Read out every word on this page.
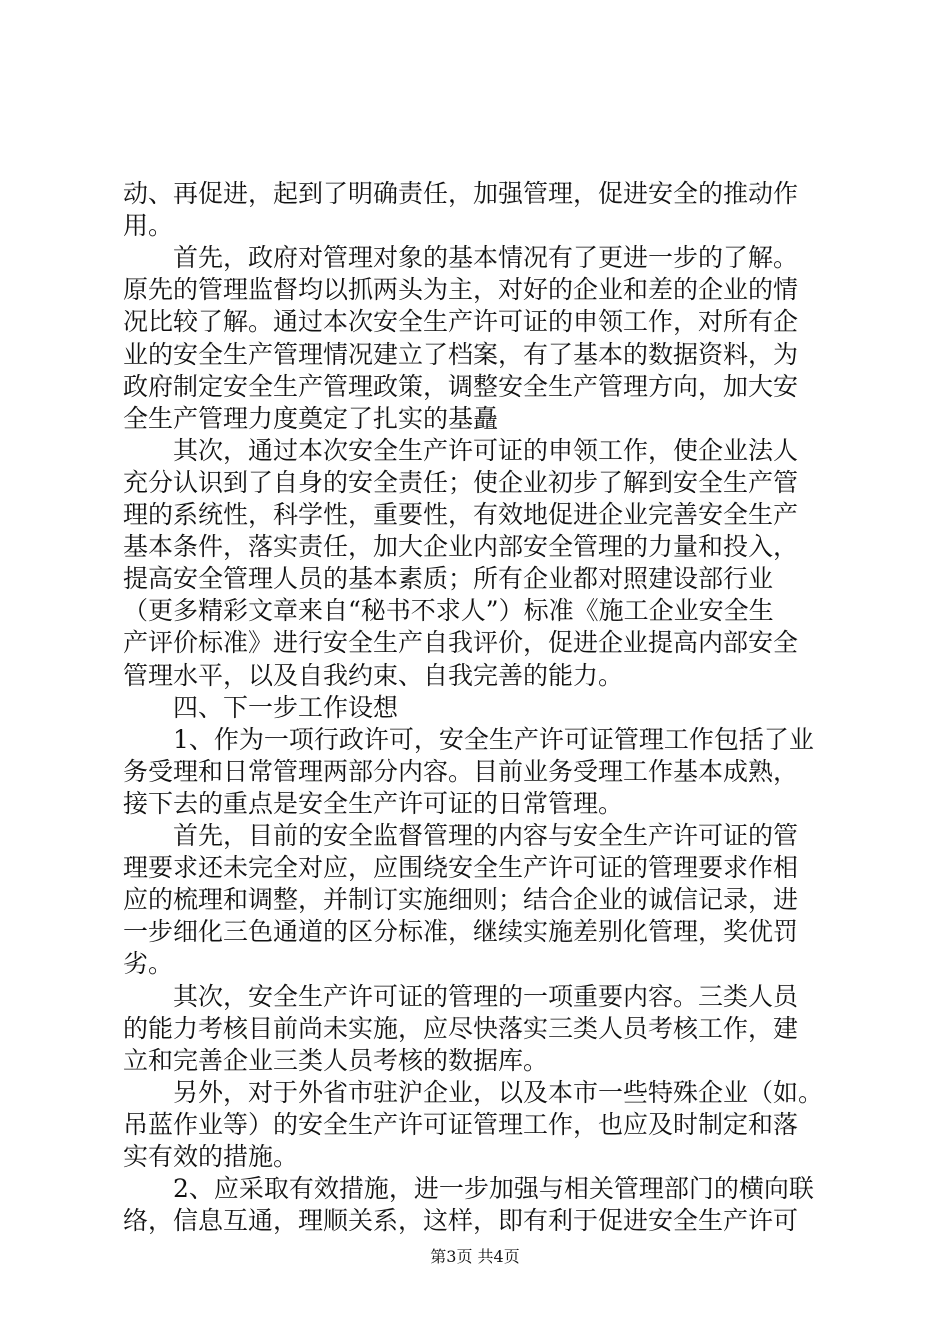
动、再促进，起到了明确责任，加强管理，促进安全的推动作
用。
　　首先，政府对管理对象的基本情况有了更进一步的了解。
原先的管理监督均以抓两头为主，对好的企业和差的企业的情
况比较了解。通过本次安全生产许可证的申领工作，对所有企
业的安全生产管理情况建立了档案，有了基本的数据资料，为
政府制定安全生产管理政策，调整安全生产管理方向，加大安
全生产管理力度奠定了扎实的基矗
　　其次，通过本次安全生产许可证的申领工作，使企业法人
充分认识到了自身的安全责任；使企业初步了解到安全生产管
理的系统性，科学性，重要性，有效地促进企业完善安全生产
基本条件，落实责任，加大企业内部安全管理的力量和投入，
提高安全管理人员的基本素质；所有企业都对照建设部行业
（更多精彩文章来自“秘书不求人”）标准《施工企业安全生
产评价标准》进行安全生产自我评价，促进企业提高内部安全
管理水平，以及自我约束、自我完善的能力。
　　四、下一步工作设想
　　1、作为一项行政许可，安全生产许可证管理工作包括了业
务受理和日常管理两部分内容。目前业务受理工作基本成熟，
接下去的重点是安全生产许可证的日常管理。
　　首先，目前的安全监督管理的内容与安全生产许可证的管
理要求还未完全对应，应围绕安全生产许可证的管理要求作相
应的梳理和调整，并制订实施细则；结合企业的诚信记录，进
一步细化三色通道的区分标准，继续实施差别化管理，奖优罚
劣。
　　其次，安全生产许可证的管理的一项重要内容。三类人员
的能力考核目前尚未实施，应尽快落实三类人员考核工作，建
立和完善企业三类人员考核的数据库。
　　另外，对于外省市驻沪企业，以及本市一些特殊企业（如。
吊蓝作业等）的安全生产许可证管理工作，也应及时制定和落
实有效的措施。
　　2、应采取有效措施，进一步加强与相关管理部门的横向联
络，信息互通，理顺关系，这样，即有利于促进安全生产许可
第3页 共4页
